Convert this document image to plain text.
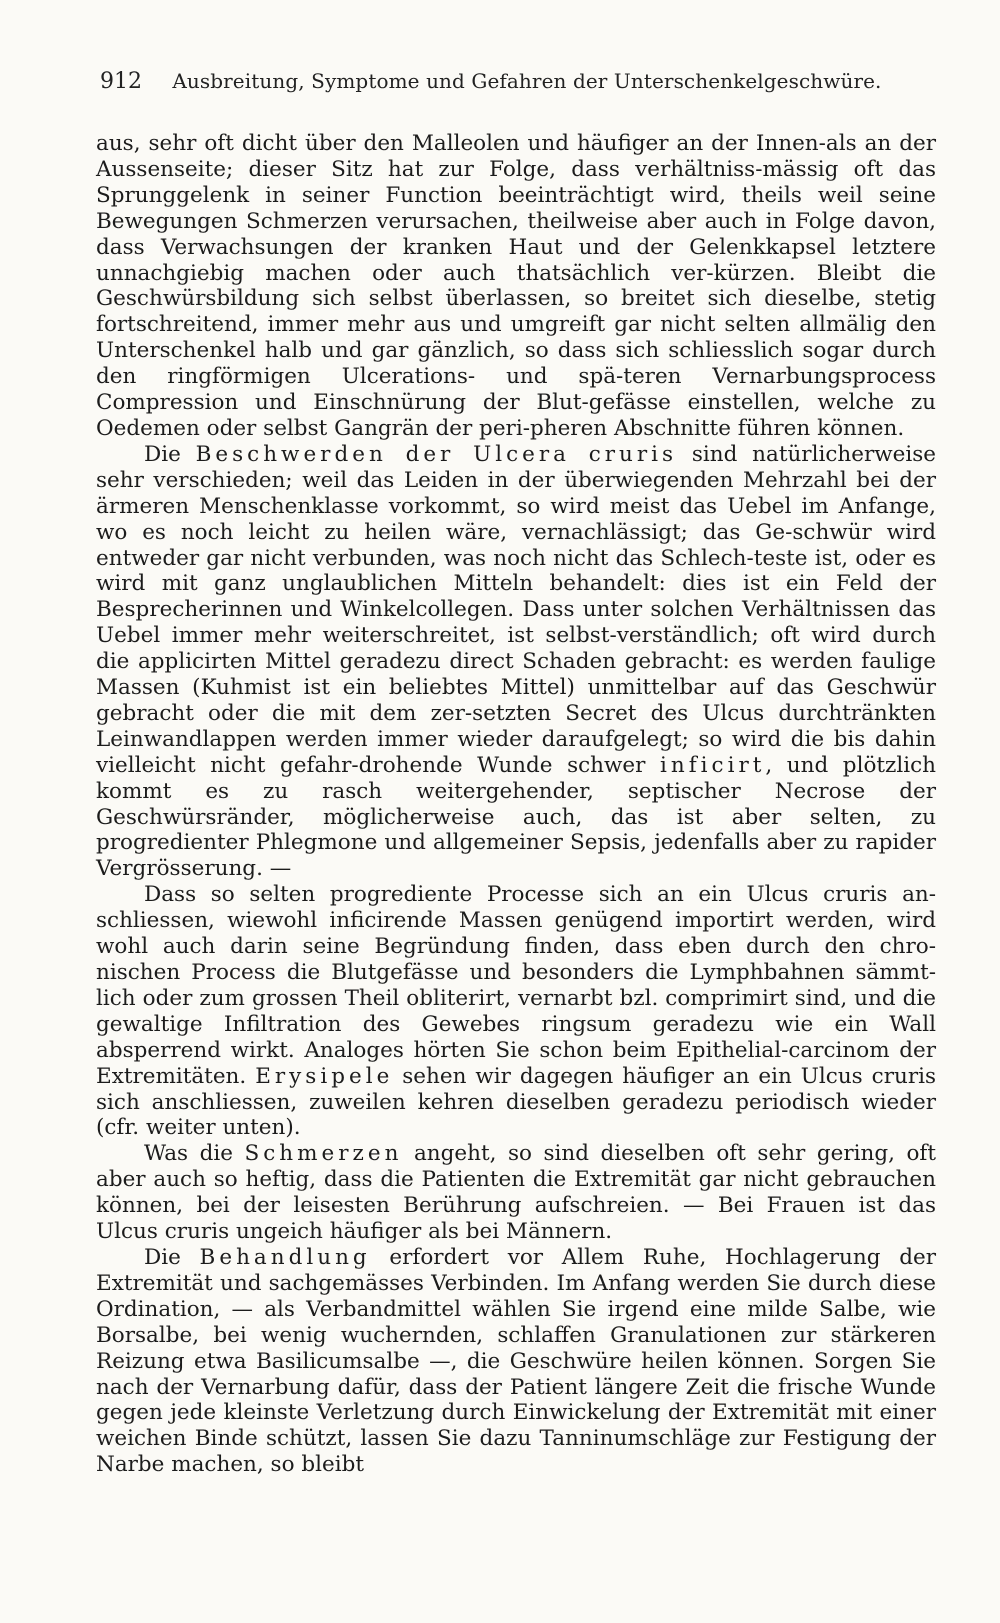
912 Ausbreitung, Symptome und Gefahren der Unterschenkelgeschwüre.

aus, sehr oft dicht über den Malleolen und häufiger an der Innen-als an der Aussenseite; dieser Sitz hat zur Folge, dass verhältniss-mässig oft das Sprunggelenk in seiner Function beeinträchtigt wird, theils weil seine Bewegungen Schmerzen verursachen, theilweise aber auch in Folge davon, dass Verwachsungen der kranken Haut und der Gelenkkapsel letztere unnachgiebig machen oder auch thatsächlich ver-kürzen. Bleibt die Geschwürsbildung sich selbst überlassen, so breitet sich dieselbe, stetig fortschreitend, immer mehr aus und umgreift gar nicht selten allmälig den Unterschenkel halb und gar gänzlich, so dass sich schliesslich sogar durch den ringförmigen Ulcerations- und spä-teren Vernarbungsprocess Compression und Einschnürung der Blut-gefässe einstellen, welche zu Oedemen oder selbst Gangrän der peri-pheren Abschnitte führen können.

Die Beschwerden der Ulcera cruris sind natürlicherweise sehr verschieden; weil das Leiden in der überwiegenden Mehrzahl bei der ärmeren Menschenklasse vorkommt, so wird meist das Uebel im Anfange, wo es noch leicht zu heilen wäre, vernachlässigt; das Ge-schwür wird entweder gar nicht verbunden, was noch nicht das Schlech-teste ist, oder es wird mit ganz unglaublichen Mitteln behandelt: dies ist ein Feld der Besprecherinnen und Winkelcollegen. Dass unter solchen Verhältnissen das Uebel immer mehr weiterschreitet, ist selbst-verständlich; oft wird durch die applicirten Mittel geradezu direct Schaden gebracht: es werden faulige Massen (Kuhmist ist ein beliebtes Mittel) unmittelbar auf das Geschwür gebracht oder die mit dem zer-setzten Secret des Ulcus durchtränkten Leinwandlappen werden immer wieder daraufgelegt; so wird die bis dahin vielleicht nicht gefahr-drohende Wunde schwer inficirt, und plötzlich kommt es zu rasch weitergehender, septischer Necrose der Geschwürsränder, möglicherweise auch, das ist aber selten, zu progredienter Phlegmone und allgemeiner Sepsis, jedenfalls aber zu rapider Vergrösserung. —

Dass so selten progrediente Processe sich an ein Ulcus cruris an-schliessen, wiewohl inficirende Massen genügend importirt werden, wird wohl auch darin seine Begründung finden, dass eben durch den chro-nischen Process die Blutgefässe und besonders die Lymphbahnen sämmt-lich oder zum grossen Theil obliterirt, vernarbt bzl. comprimirt sind, und die gewaltige Infiltration des Gewebes ringsum geradezu wie ein Wall absperrend wirkt. Analoges hörten Sie schon beim Epithelial-carcinom der Extremitäten. Erysipele sehen wir dagegen häufiger an ein Ulcus cruris sich anschliessen, zuweilen kehren dieselben geradezu periodisch wieder (cfr. weiter unten).

Was die Schmerzen angeht, so sind dieselben oft sehr gering, oft aber auch so heftig, dass die Patienten die Extremität gar nicht gebrauchen können, bei der leisesten Berührung aufschreien. — Bei Frauen ist das Ulcus cruris ungeich häufiger als bei Männern.

Die Behandlung erfordert vor Allem Ruhe, Hochlagerung der Extremität und sachgemässes Verbinden. Im Anfang werden Sie durch diese Ordination, — als Verbandmittel wählen Sie irgend eine milde Salbe, wie Borsalbe, bei wenig wuchernden, schlaffen Granulationen zur stärkeren Reizung etwa Basilicumsalbe —, die Geschwüre heilen können. Sorgen Sie nach der Vernarbung dafür, dass der Patient längere Zeit die frische Wunde gegen jede kleinste Verletzung durch Einwickelung der Extremität mit einer weichen Binde schützt, lassen Sie dazu Tanninumschläge zur Festigung der Narbe machen, so bleibt
